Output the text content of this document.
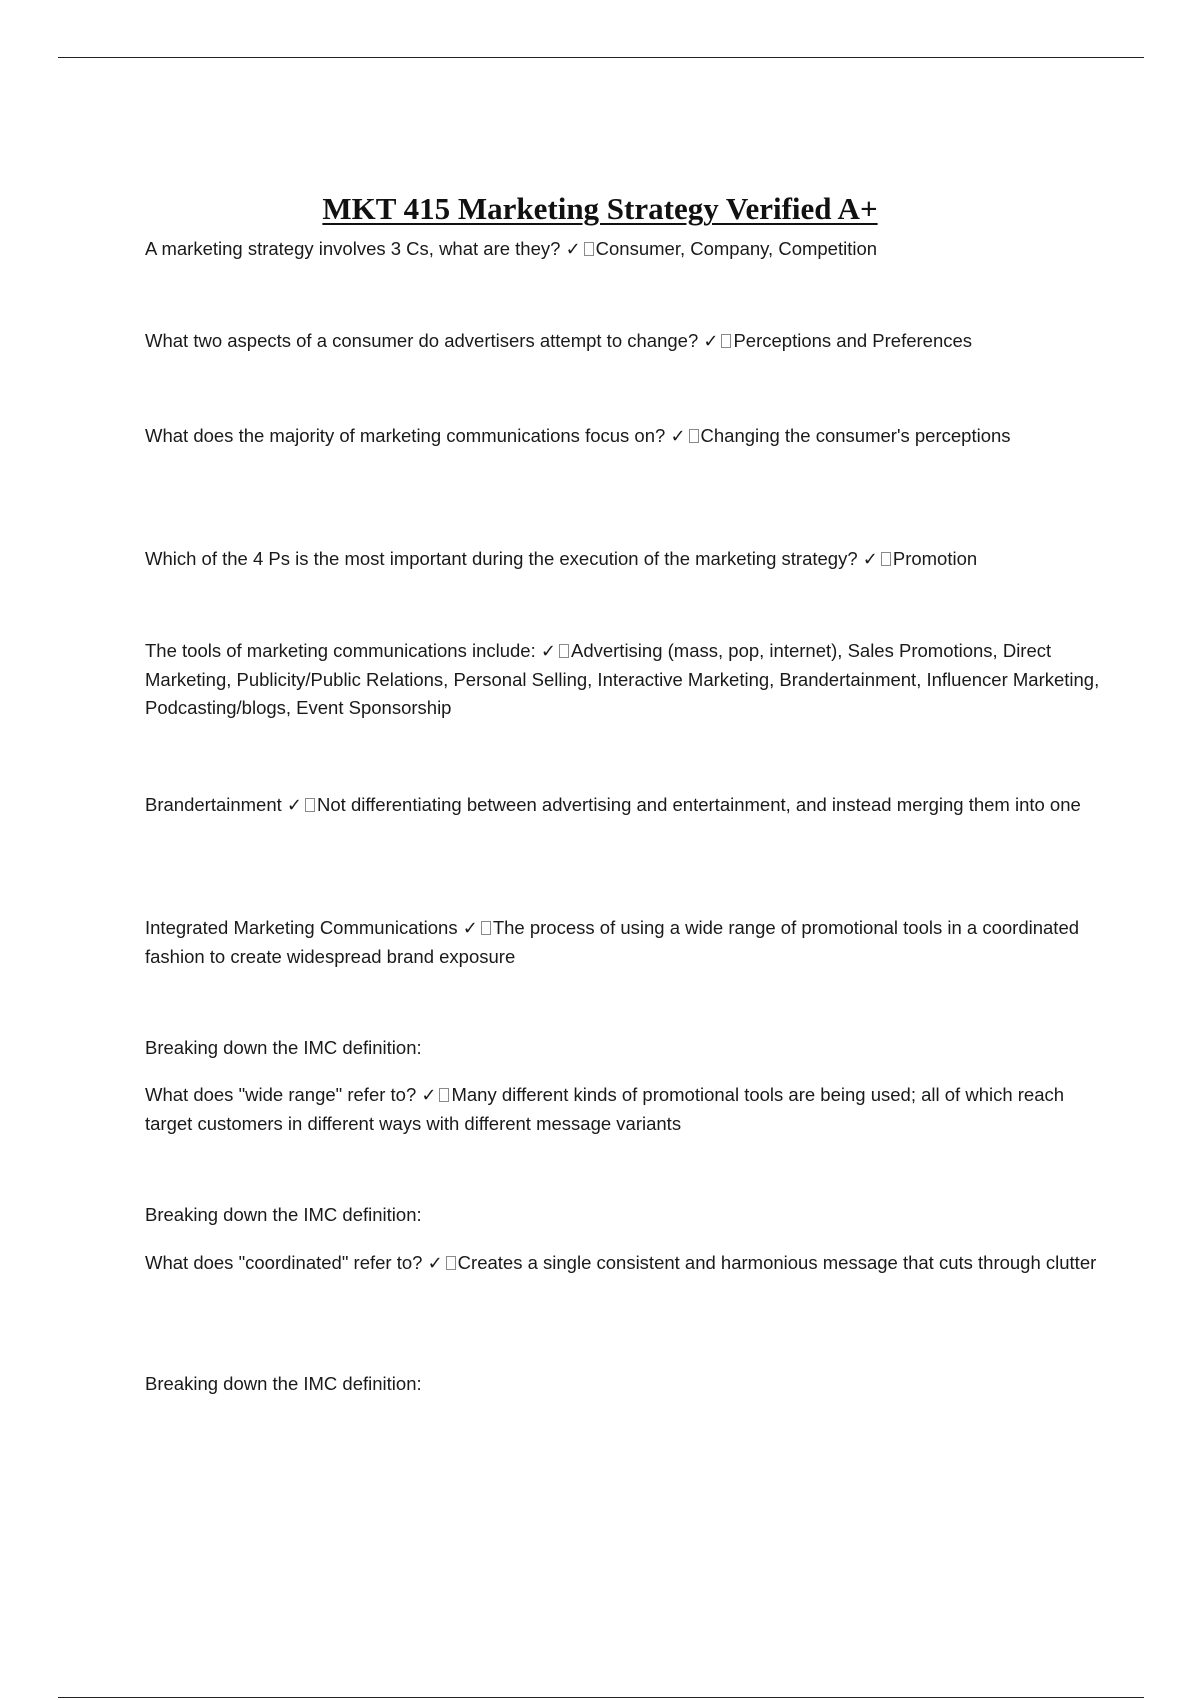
MKT 415 Marketing Strategy Verified A+

A marketing strategy involves 3 Cs, what are they? ✓ Consumer, Company, Competition

What two aspects of a consumer do advertisers attempt to change? ✓ Perceptions and Preferences

What does the majority of marketing communications focus on? ✓ Changing the consumer's perceptions

Which of the 4 Ps is the most important during the execution of the marketing strategy? ✓ Promotion

The tools of marketing communications include: ✓ Advertising (mass, pop, internet), Sales Promotions, Direct Marketing, Publicity/Public Relations, Personal Selling, Interactive Marketing, Brandertainment, Influencer Marketing, Podcasting/blogs, Event Sponsorship

Brandertainment ✓ Not differentiating between advertising and entertainment, and instead merging them into one

Integrated Marketing Communications ✓ The process of using a wide range of promotional tools in a coordinated fashion to create widespread brand exposure

Breaking down the IMC definition:

What does "wide range" refer to? ✓ Many different kinds of promotional tools are being used; all of which reach target customers in different ways with different message variants

Breaking down the IMC definition:

What does "coordinated" refer to? ✓ Creates a single consistent and harmonious message that cuts through clutter

Breaking down the IMC definition:
